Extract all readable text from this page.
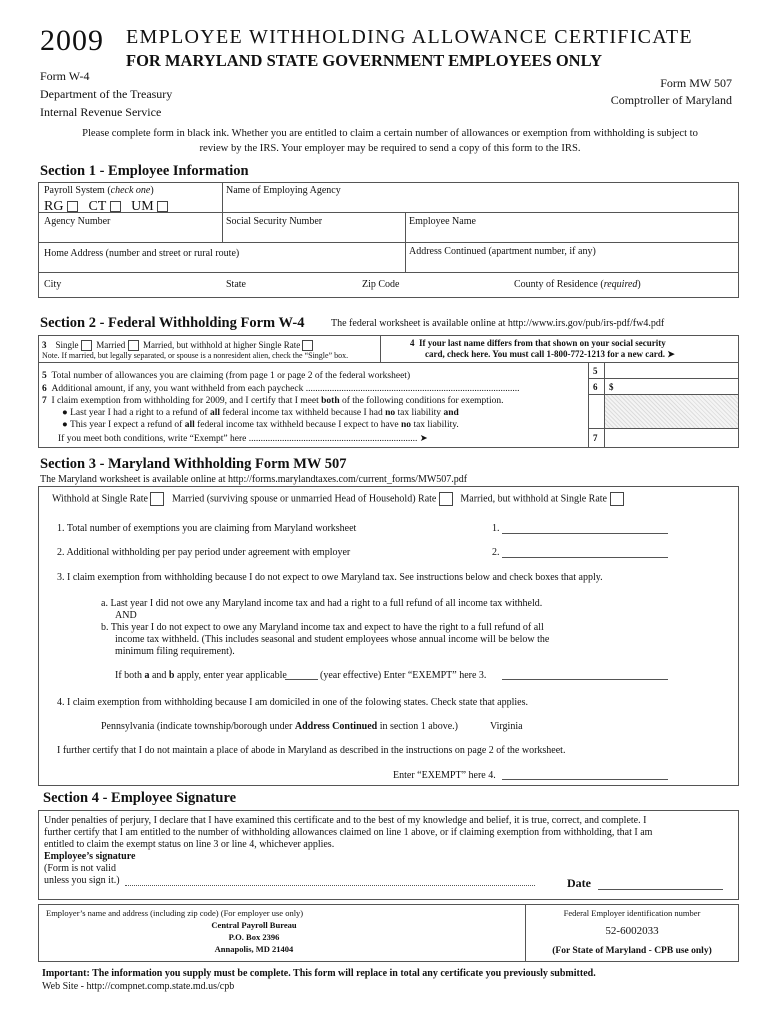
2009 EMPLOYEE WITHHOLDING ALLOWANCE CERTIFICATE
FOR MARYLAND STATE GOVERNMENT EMPLOYEES ONLY
Form W-4
Department of the Treasury
Internal Revenue Service
Form MW 507
Comptroller of Maryland
Please complete form in black ink. Whether you are entitled to claim a certain number of allowances or exemption from withholding is subject to review by the IRS. Your employer may be required to send a copy of this form to the IRS.
Section 1 - Employee Information
Payroll System (check one)	Name of Employing Agency
RG CT UM
Agency Number	Social Security Number	Employee Name
Home Address (number and street or rural route)	Address Continued (apartment number, if any)
City	State	Zip Code	County of Residence (required)
Section 2 - Federal Withholding Form W-4	The federal worksheet is available online at http://www.irs.gov/pub/irs-pdf/fw4.pdf
3 Single Married Married, but withhold at higher Single Rate
Note. If married, but legally separated, or spouse is a nonresident alien, check the “Single” box.
4 If your last name differs from that shown on your social security
card, check here. You must call 1-800-772-1213 for a new card. ➤
5 Total number of allowances you are claiming (from page 1 or page 2 of the federal worksheet)
6 Additional amount, if any, you want withheld from each paycheck ..........................................................................................
7 I claim exemption from withholding for 2009, and I certify that I meet both of the following conditions for exemption.
● Last year I had a right to a refund of all federal income tax withheld because I had no tax liability and
● This year I expect a refund of all federal income tax withheld because I expect to have no tax liability.
If you meet both conditions, write “Exempt” here ....................................................................... ➤
5
6 $
7
Section 3 - Maryland Withholding Form MW 507
The Maryland worksheet is available online at http://forms.marylandtaxes.com/current_forms/MW507.pdf
Withhold at Single Rate Married (surviving spouse or unmarried Head of Household) Rate Married, but withhold at Single Rate
1. Total number of exemptions you are claiming from Maryland worksheet	1.
2. Additional withholding per pay period under agreement with employer	2.
3. I claim exemption from withholding because I do not expect to owe Maryland tax. See instructions below and check boxes that apply.
a. Last year I did not owe any Maryland income tax and had a right to a full refund of all income tax withheld.
AND
b. This year I do not expect to owe any Maryland income tax and expect to have the right to a full refund of all
income tax withheld. (This includes seasonal and student employees whose annual income will be below the
minimum filing requirement).
If both a and b apply, enter year applicable	(year effective) Enter “EXEMPT” here 3.
4. I claim exemption from withholding because I am domiciled in one of the folowing states. Check state that applies.
Pennsylvania (indicate township/borough under Address Continued in section 1 above.)	Virginia
I further certify that I do not maintain a place of abode in Maryland as described in the instructions on page 2 of the worksheet.
Enter “EXEMPT” here 4.
Section 4 - Employee Signature
Under penalties of perjury, I declare that I have examined this certificate and to the best of my knowledge and belief, it is true, correct, and complete. I
further certify that I am entitled to the number of withholding allowances claimed on line 1 above, or if claiming exemption from withholding, that I am
entitled to claim the exempt status on line 3 or line 4, whichever applies.
Employee’s signature
(Form is not valid
unless you sign it.)	Date
Employer’s name and address (including zip code) (For employer use only)
Central Payroll Bureau
P.O. Box 2396
Annapolis, MD 21404
Federal Employer identification number
52-6002033
(For State of Maryland - CPB use only)
Important: The information you supply must be complete. This form will replace in total any certificate you previously submitted.
Web Site - http://compnet.comp.state.md.us/cpb
